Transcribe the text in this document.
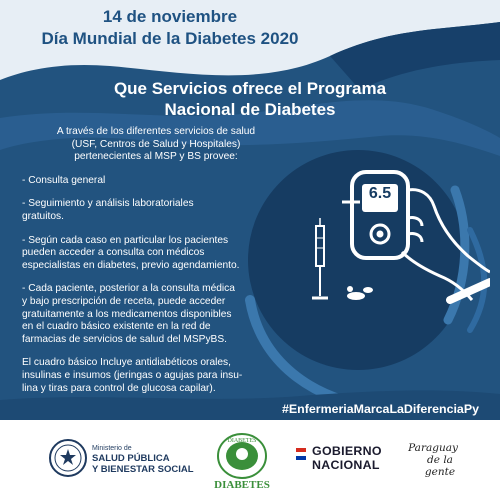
14 de noviembre
Día Mundial de la Diabetes 2020
Que Servicios ofrece el Programa
Nacional de Diabetes
A través de los diferentes servicios de salud
(USF, Centros de Salud y Hospitales)
pertenecientes al MSP y BS provee:

- Consulta general

- Seguimiento y análisis laboratoriales
gratuitos.

- Según cada caso en particular los pacientes
pueden acceder a consulta con médicos
especialistas en diabetes, previo agendamiento.

- Cada paciente, posterior a la consulta médica
y bajo prescripción de receta, puede acceder
gratuitamente a los medicamentos disponibles
en el cuadro básico existente en la red de
farmacias de servicios de salud del MSPyBS.

El cuadro básico Incluye antidiabéticos orales,
insulinas e insumos (jeringas o agujas para insu-
lina y tiras para control de glucosa capilar).
6.5
#EnfermeriaMarcaLaDiferenciaPy
Ministerio de
SALUD PÚBLICA
Y BIENESTAR SOCIAL
DIABETES
DIABETES
GOBIERNO
NACIONAL
Paraguay
de la gente
